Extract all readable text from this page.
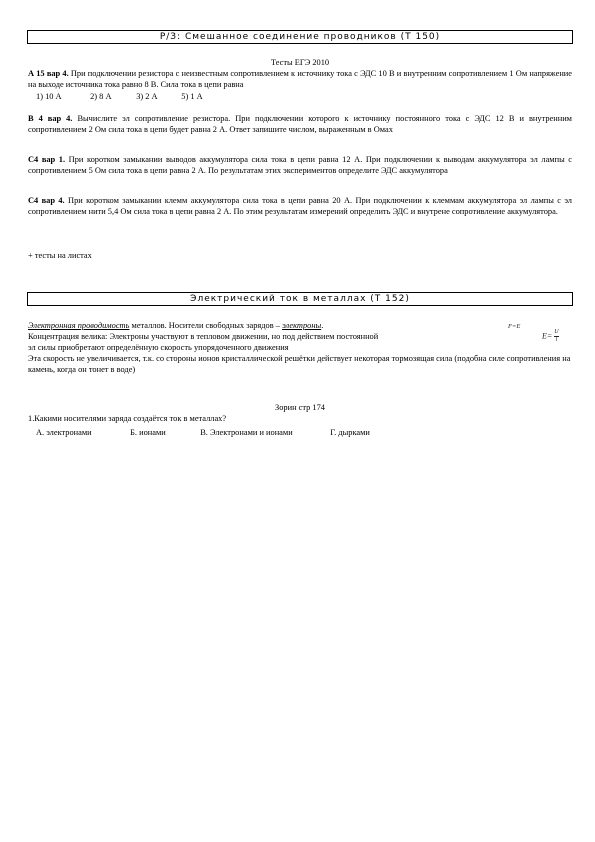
Р/З: Смешанное соединение проводников (Т 150)
Тесты ЕГЭ 2010
А 15 вар 4. При подключении резистора с неизвестным сопротивлением к источнику тока с ЭДС 10 В и внутренним сопротивлением 1 Ом напряжение на выходе источника тока равно 8 В. Сила тока в цепи равна
1) 10 А	2) 8 А	3) 2 А	5) 1 А
В 4 вар 4. Вычислите эл сопротивление резистора. При подключении которого к источнику постоянного тока с ЭДС 12 В и внутренним сопротивлением 2 Ом сила тока в цепи будет равна 2 А. Ответ запишите числом, выраженным в Омах
С4 вар 1. При коротком замыкании выводов аккумулятора сила тока в цепи равна 12 А. При подключении к выводам аккумулятора эл лампы с сопротивлением 5 Ом сила тока в цепи равна 2 А. По результатам этих экспериментов определите ЭДС аккумулятора
С4 вар 4. При коротком замыкании клемм аккумулятора сила тока в цепи равна 20 А. При подключении к клеммам аккумулятора эл лампы с эл сопротивлением нити 5,4 Ом сила тока в цепи равна 2 А. По этим результатам измерений определить ЭДС и внутрене сопротивление аккумулятора.
+ тесты на листах
Электрический ток в металлах (Т 152)
Электронная проводимость металлов. Носители свободных зарядов – электроны.	F=E
$E= \frac{U}{l}$
Концентрация велика: Электроны участвуют в тепловом движении, но под действием постоянной
эл силы приобретают определённую скорость упорядоченного движения
Эта скорость не увеличивается, т.к. со стороны ионов кристаллической решётки действует некоторая тормозящая сила (подобна силе сопротивления на камень, когда он тонет в воде)
Зорин стр 174
1.Какими носителями заряда создаётся ток в металлах?
А. электронами	Б. ионами	В. Электронами и ионами	Г. дырками
